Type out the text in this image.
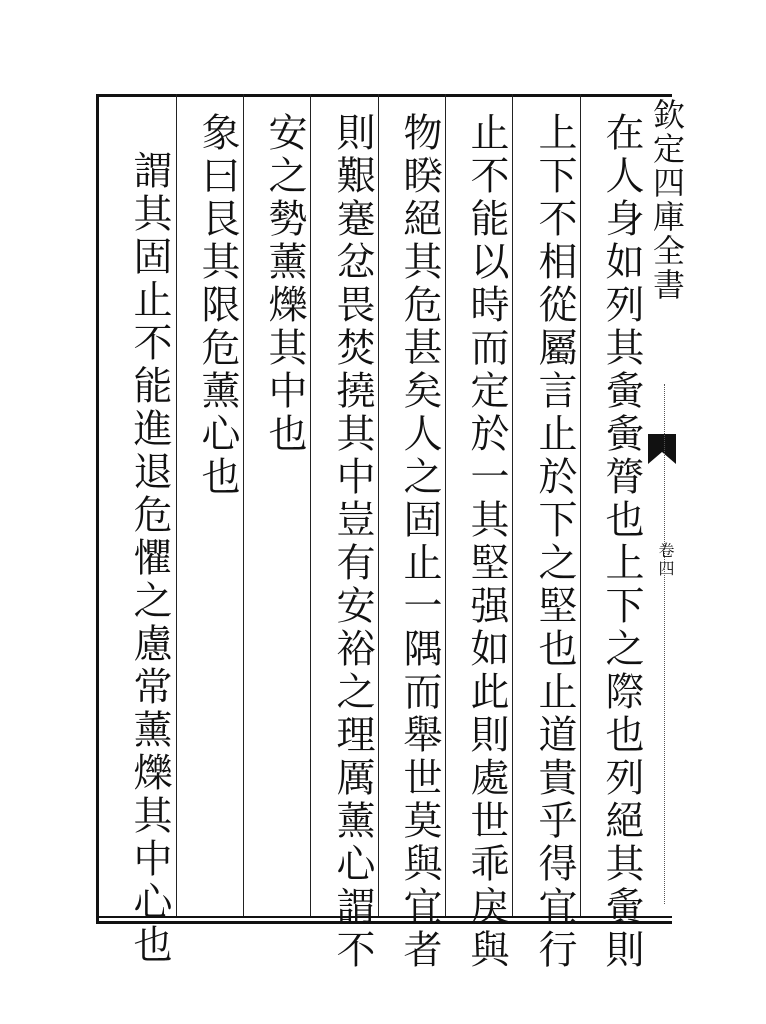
在人身如列其夤夤膂也上下之際也列絕其夤則
上下不相從屬言止於下之堅也止道貴乎得宜行
止不能以時而定於一其堅强如此則處世乖戾與
物睽絕其危甚矣人之固止一隅而舉世莫與宜者
則艱蹇忿畏焚撓其中豈有安裕之理厲薰心謂不
安之勢薰爍其中也
象曰艮其限危薰心也
謂其固止不能進退危懼之慮常薰爍其中心也	欽定四庫全書
卷四
